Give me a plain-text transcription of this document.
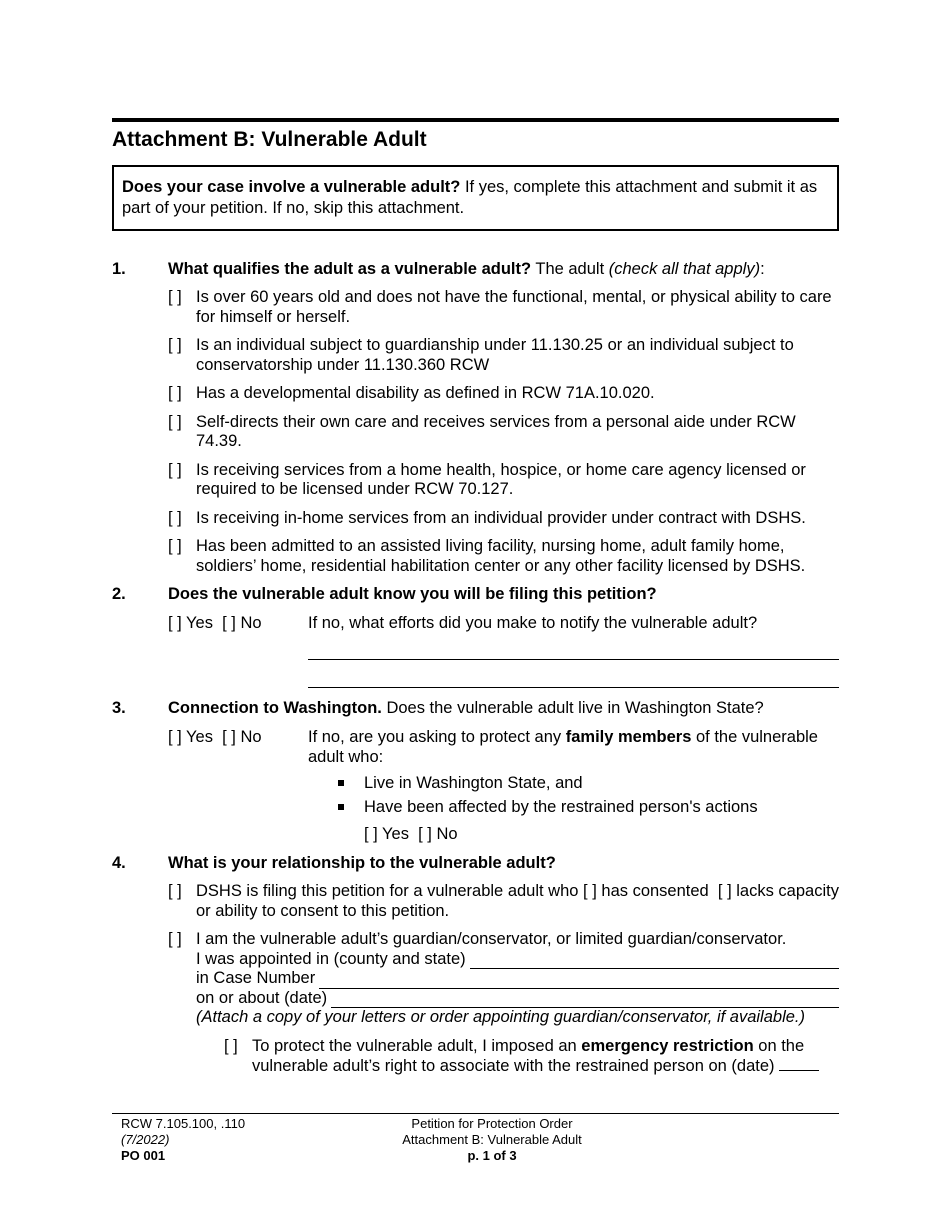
Attachment B: Vulnerable Adult
Does your case involve a vulnerable adult? If yes, complete this attachment and submit it as part of your petition. If no, skip this attachment.
1.	What qualifies the adult as a vulnerable adult? The adult (check all that apply):
[ ] Is over 60 years old and does not have the functional, mental, or physical ability to care for himself or herself.
[ ] Is an individual subject to guardianship under 11.130.25 or an individual subject to conservatorship under 11.130.360 RCW
[ ] Has a developmental disability as defined in RCW 71A.10.020.
[ ] Self-directs their own care and receives services from a personal aide under RCW 74.39.
[ ] Is receiving services from a home health, hospice, or home care agency licensed or required to be licensed under RCW 70.127.
[ ] Is receiving in-home services from an individual provider under contract with DSHS.
[ ] Has been admitted to an assisted living facility, nursing home, adult family home, soldiers’ home, residential habilitation center or any other facility licensed by DSHS.
2.	Does the vulnerable adult know you will be filing this petition?
[ ] Yes  [ ] No	If no, what efforts did you make to notify the vulnerable adult?
3.	Connection to Washington. Does the vulnerable adult live in Washington State?
[ ] Yes  [ ] No	If no, are you asking to protect any family members of the vulnerable adult who:
Live in Washington State, and
Have been affected by the restrained person's actions
[ ] Yes  [ ] No
4.	What is your relationship to the vulnerable adult?
[ ] DSHS is filing this petition for a vulnerable adult who [ ] has consented  [ ] lacks capacity or ability to consent to this petition.
[ ] I am the vulnerable adult’s guardian/conservator, or limited guardian/conservator.
I was appointed in (county and state)
in Case Number
on or about (date)
(Attach a copy of your letters or order appointing guardian/conservator, if available.)
[ ] To protect the vulnerable adult, I imposed an emergency restriction on the vulnerable adult’s right to associate with the restrained person on (date)
RCW 7.105.100, .110
(7/2022)
PO 001
Petition for Protection Order
Attachment B: Vulnerable Adult
p. 1 of 3
